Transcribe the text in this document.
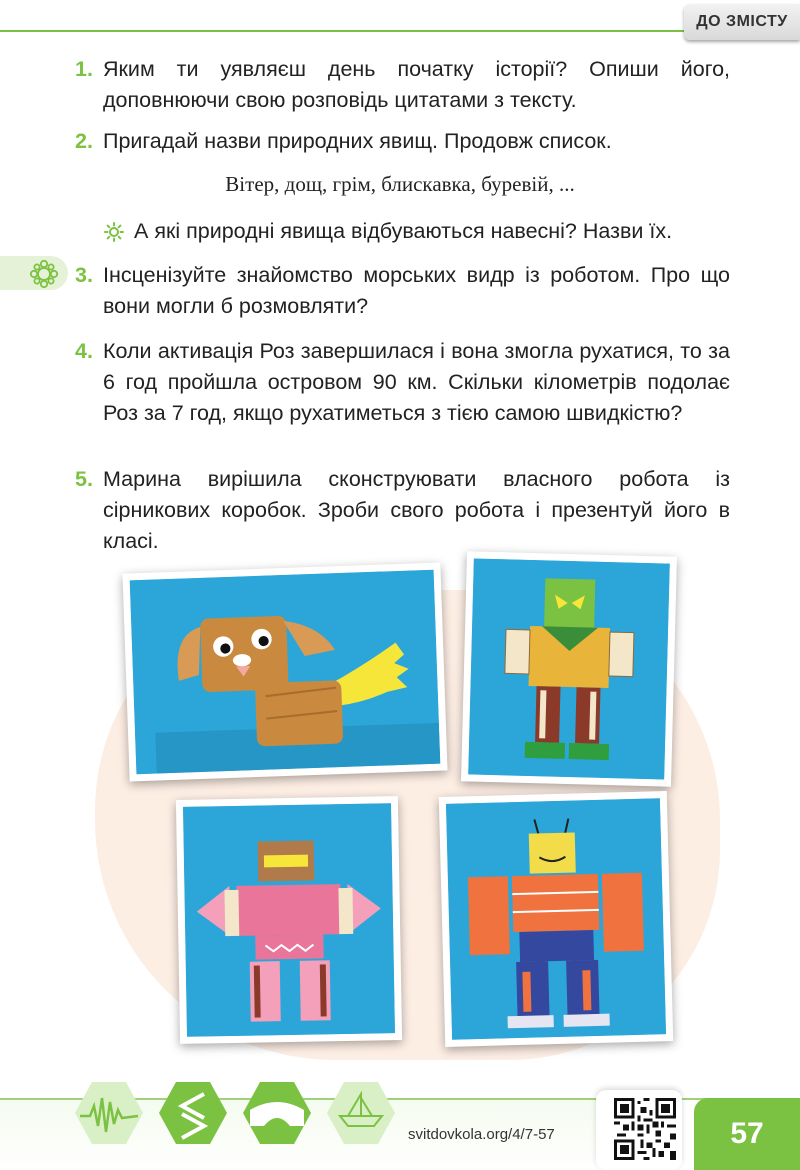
ДО ЗМІСТУ
1. Яким ти уявляєш день початку історії? Опиши його, доповнюючи свою розповідь цитатами з тексту.
2. Пригадай назви природних явищ. Продовж список.
Вітер, дощ, грім, блискавка, буревій, ...
А які природні явища відбуваються навесні? Назви їх.
3. Інсценізуйте знайомство морських видр із роботом. Про що вони могли б розмовляти?
4. Коли активація Роз завершилася і вона змогла рухатися, то за 6 год пройшла островом 90 км. Скільки кілометрів подолає Роз за 7 год, якщо рухатиметься з тією самою швидкістю?
5. Марина вирішила сконструювати власного робота із сірникових коробок. Зроби свого робота і презентуй його в класі.
svitdovkola.org/4/7-57	57
